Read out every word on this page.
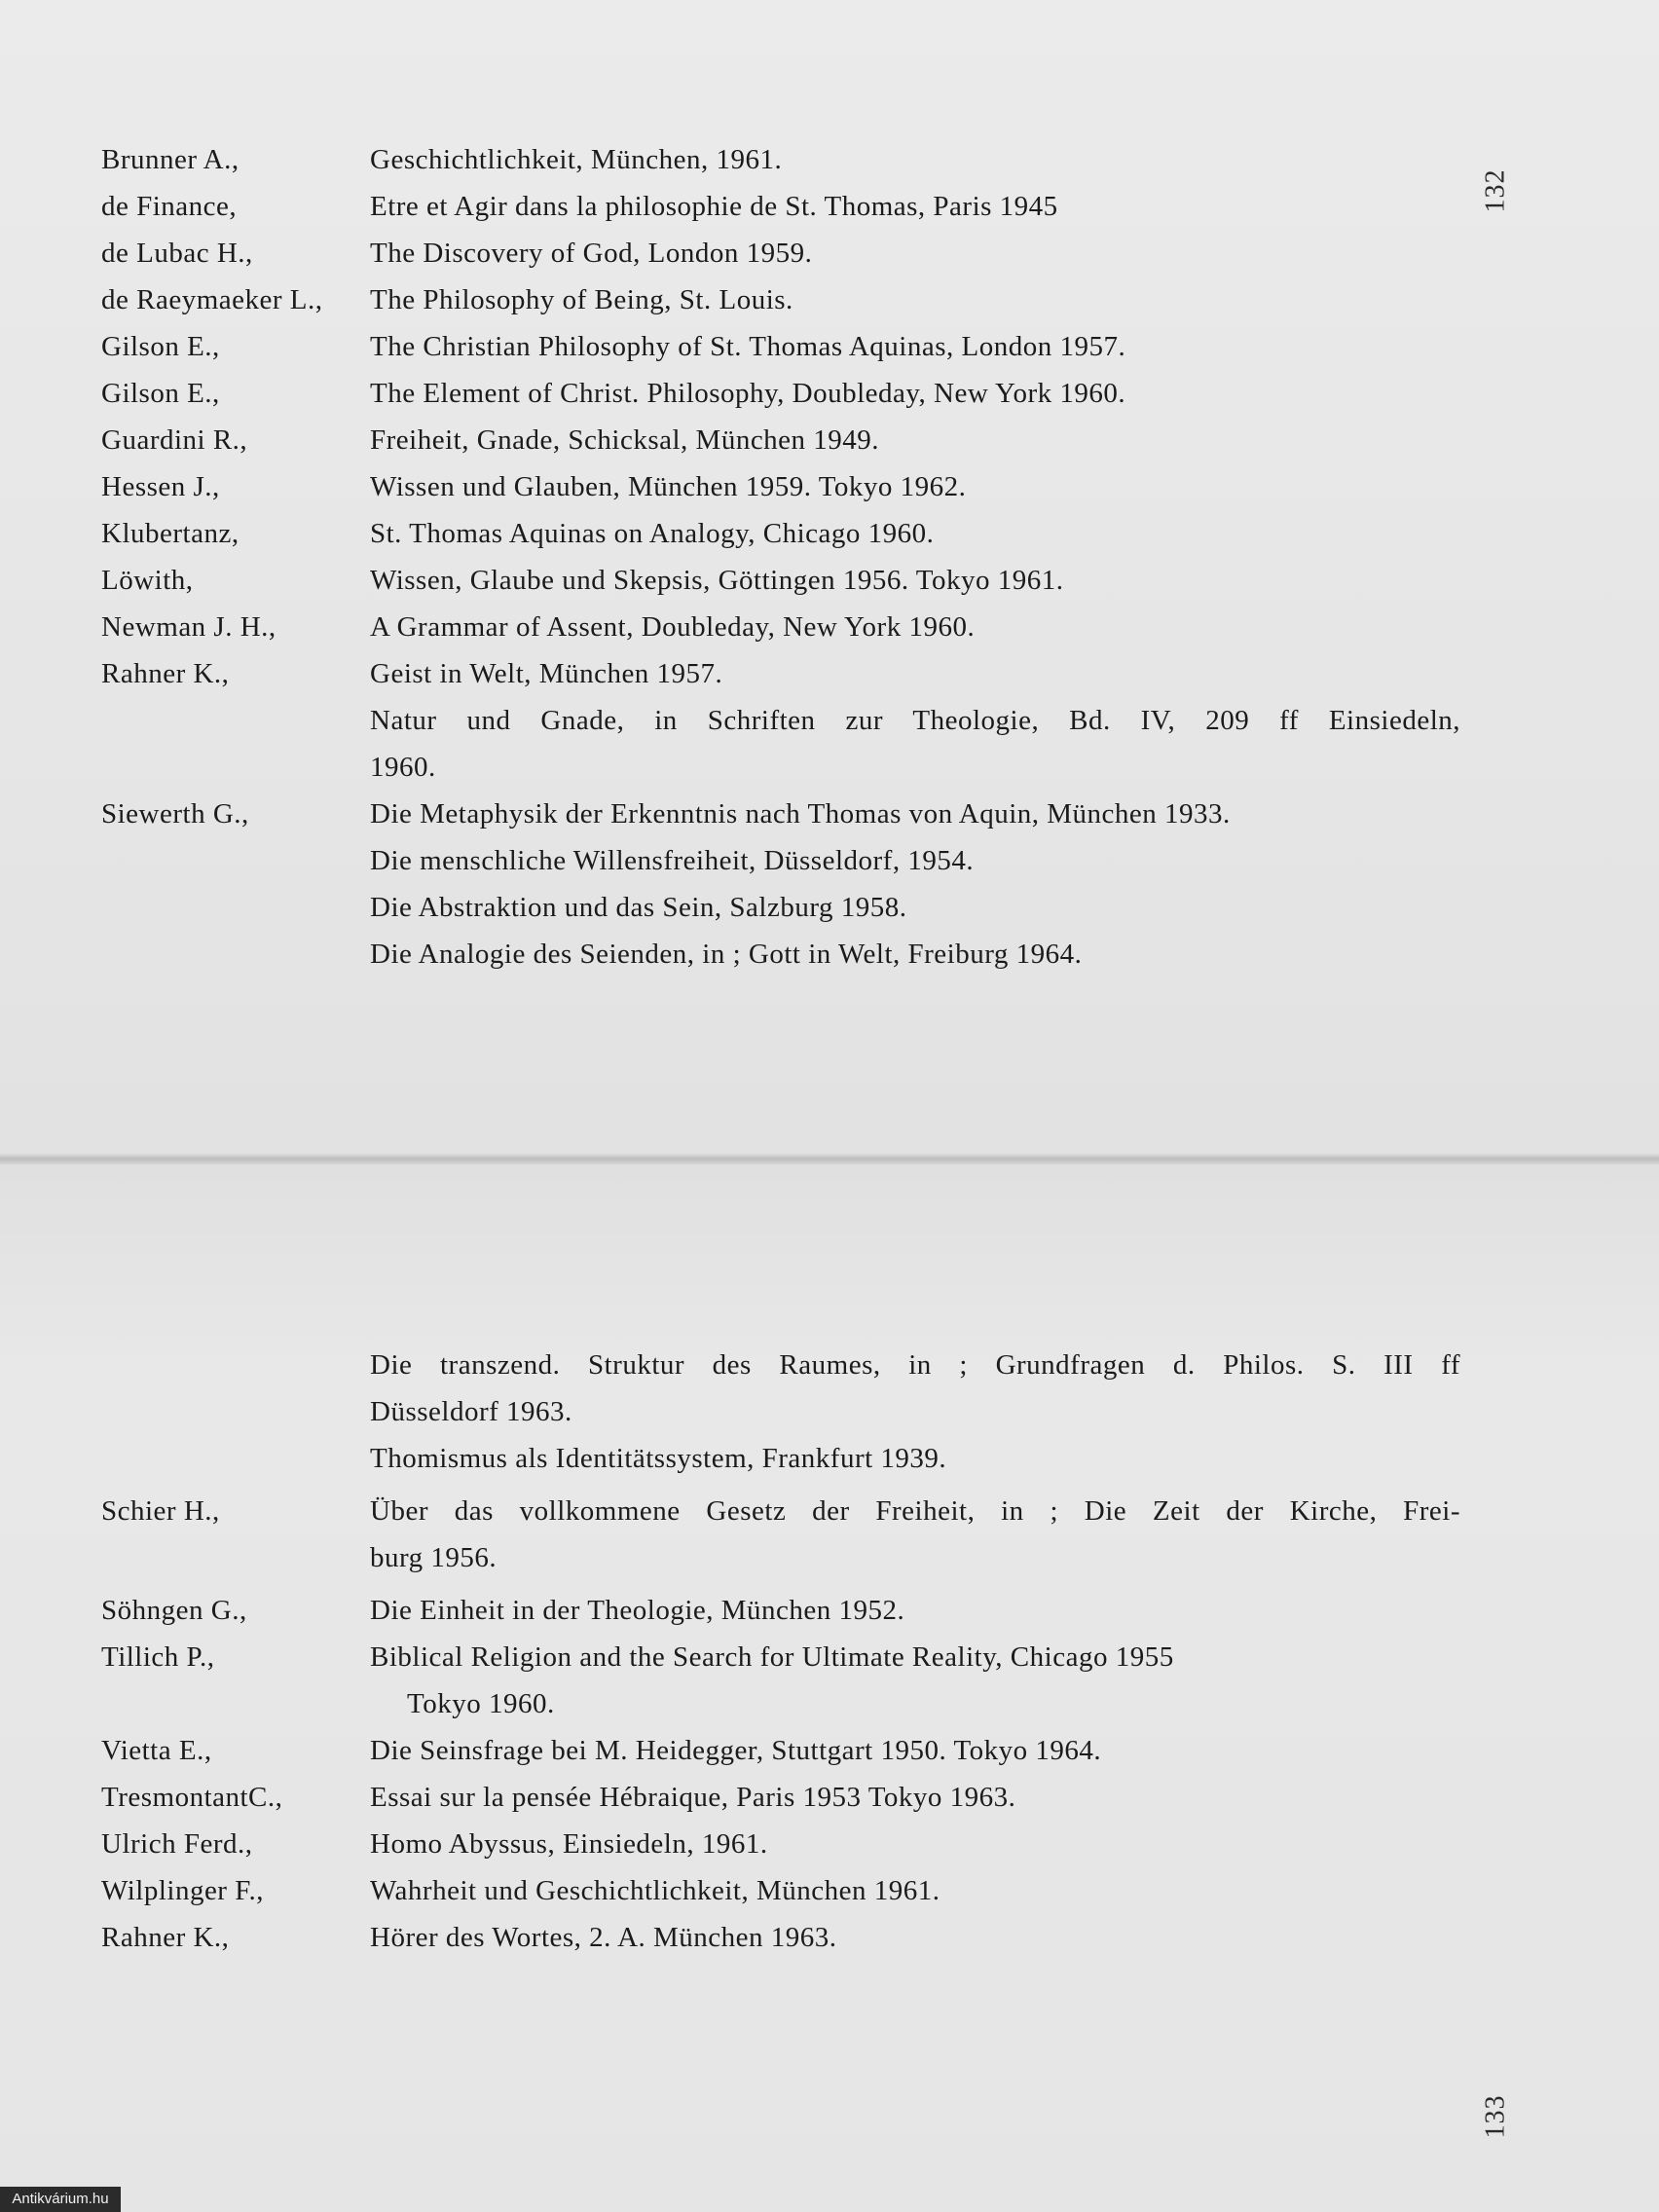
132
Brunner A.,	Geschichtlichkeit, München, 1961.
de Finance,	Etre et Agir dans la philosophie de St. Thomas, Paris 1945
de Lubac H.,	The Discovery of God, London 1959.
de Raeymaeker L.,	The Philosophy of Being, St. Louis.
Gilson E.,	The Christian Philosophy of St. Thomas Aquinas, London 1957.
Gilson E.,	The Element of Christ. Philosophy, Doubleday, New York 1960.
Guardini R.,	Freiheit, Gnade, Schicksal, München 1949.
Hessen J.,	Wissen und Glauben, München 1959. Tokyo 1962.
Klubertanz,	St. Thomas Aquinas on Analogy, Chicago 1960.
Löwith,	Wissen, Glaube und Skepsis, Göttingen 1956. Tokyo 1961.
Newman J. H.,	A Grammar of Assent, Doubleday, New York 1960.
Rahner K.,	Geist in Welt, München 1957.
Natur und Gnade, in Schriften zur Theologie, Bd. IV, 209 ff Einsiedeln,
1960.
Siewerth G.,	Die Metaphysik der Erkenntnis nach Thomas von Aquin, München 1933.
Die menschliche Willensfreiheit, Düsseldorf, 1954.
Die Abstraktion und das Sein, Salzburg 1958.
Die Analogie des Seienden, in ; Gott in Welt, Freiburg 1964.
133
Die transzend. Struktur des Raumes, in ; Grundfragen d. Philos. S. III ff
Düsseldorf 1963.
Thomismus als Identitätssystem, Frankfurt 1939.
Schier H.,	Über das vollkommene Gesetz der Freiheit, in ; Die Zeit der Kirche, Frei-
burg 1956.
Söhngen G.,	Die Einheit in der Theologie, München 1952.
Tillich P.,	Biblical Religion and the Search for Ultimate Reality, Chicago 1955
Tokyo 1960.
Vietta E.,	Die Seinsfrage bei M. Heidegger, Stuttgart 1950. Tokyo 1964.
TresmontantC.,	Essai sur la pensée Hébraique, Paris 1953 Tokyo 1963.
Ulrich Ferd.,	Homo Abyssus, Einsiedeln, 1961.
Wilplinger F.,	Wahrheit und Geschichtlichkeit, München 1961.
Rahner K.,	Hörer des Wortes, 2. A. München 1963.
Antikvárium.hu
